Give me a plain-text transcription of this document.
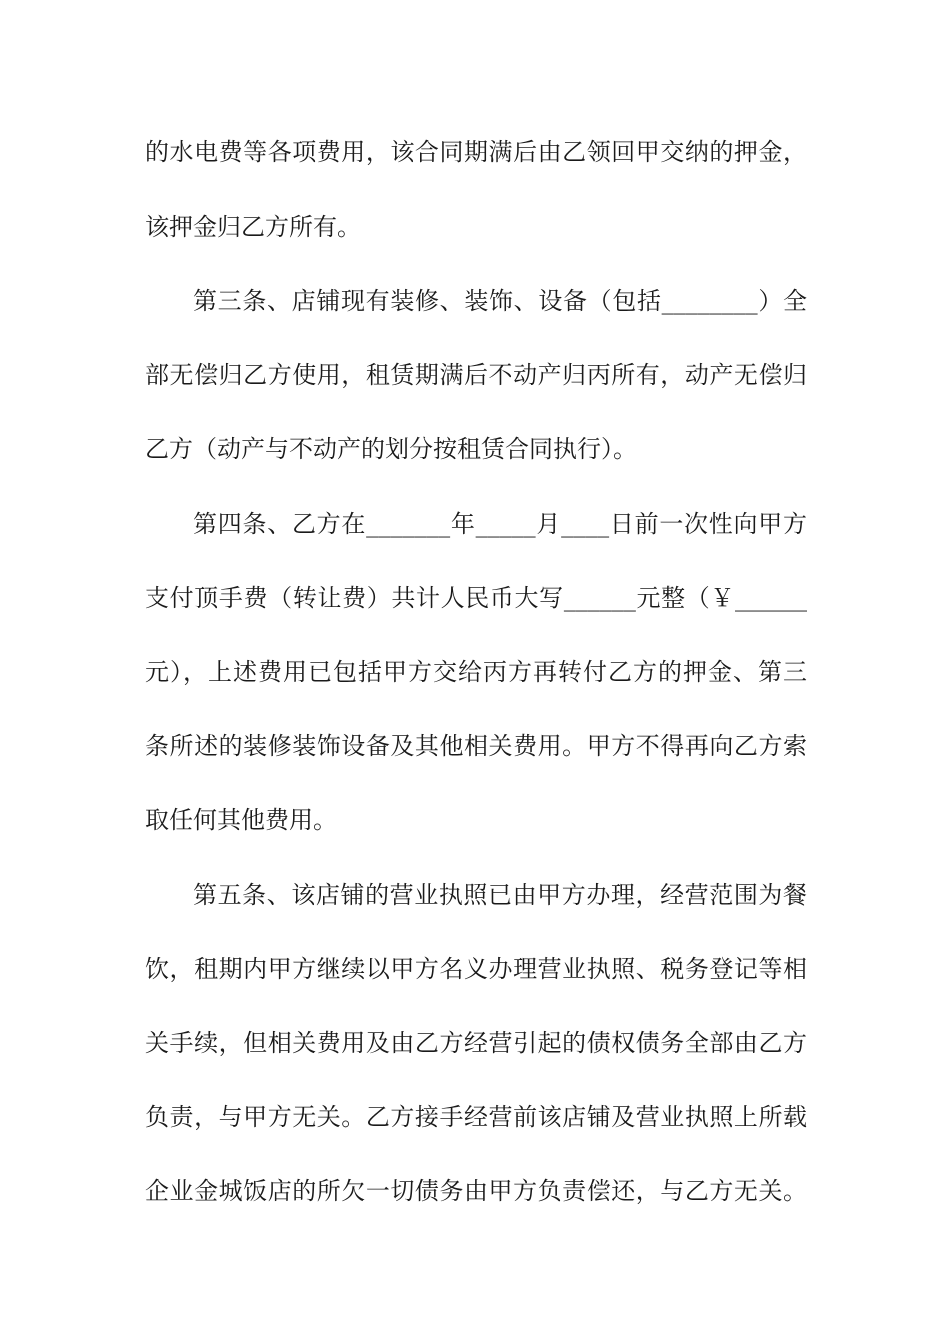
的水电费等各项费用，该合同期满后由乙领回甲交纳的押金，
该押金归乙方所有。
第三条、店铺现有装修、装饰、设备（包括________）全
部无偿归乙方使用，租赁期满后不动产归丙所有，动产无偿归
乙方（动产与不动产的划分按租赁合同执行）。
第四条、乙方在_______年_____月____日前一次性向甲方
支付顶手费（转让费）共计人民币大写______元整（￥______
元），上述费用已包括甲方交给丙方再转付乙方的押金、第三
条所述的装修装饰设备及其他相关费用。甲方不得再向乙方索
取任何其他费用。
第五条、该店铺的营业执照已由甲方办理，经营范围为餐
饮，租期内甲方继续以甲方名义办理营业执照、税务登记等相
关手续，但相关费用及由乙方经营引起的债权债务全部由乙方
负责，与甲方无关。乙方接手经营前该店铺及营业执照上所载
企业金城饭店的所欠一切债务由甲方负责偿还，与乙方无关。
